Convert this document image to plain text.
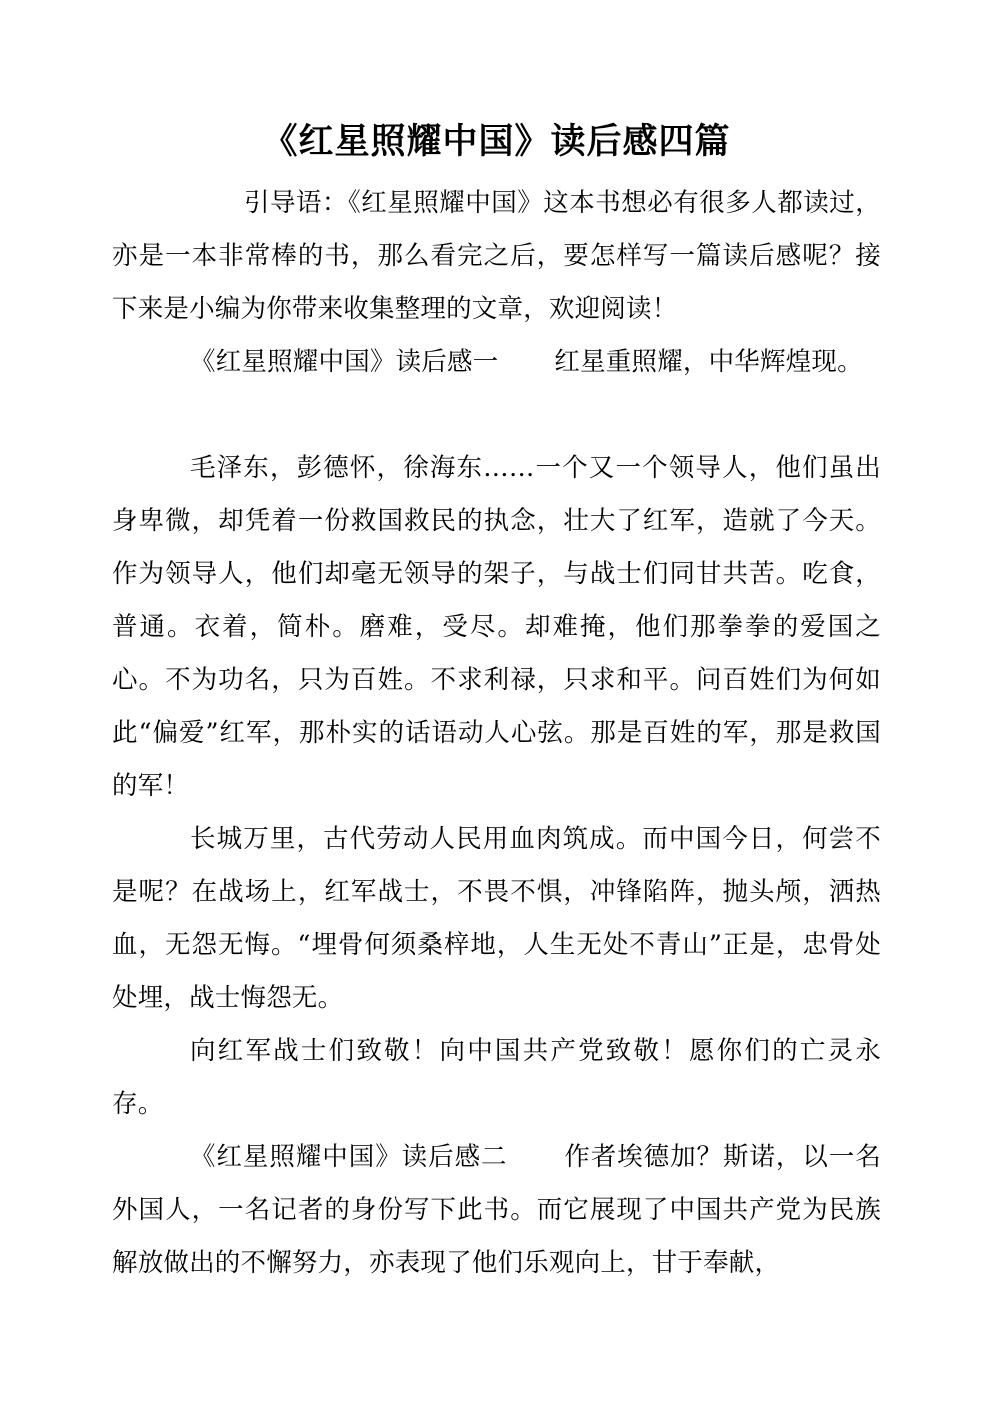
《红星照耀中国》读后感四篇

引导语：《红星照耀中国》这本书想必有很多人都读过，亦是一本非常棒的书，那么看完之后，要怎样写一篇读后感呢？接下来是小编为你带来收集整理的文章，欢迎阅读！

《红星照耀中国》读后感一 红星重照耀，中华辉煌现。

毛泽东，彭德怀，徐海东……一个又一个领导人，他们虽出身卑微，却凭着一份救国救民的执念，壮大了红军，造就了今天。作为领导人，他们却毫无领导的架子，与战士们同甘共苦。吃食，普通。衣着，简朴。磨难，受尽。却难掩，他们那拳拳的爱国之心。不为功名，只为百姓。不求利禄，只求和平。问百姓们为何如此“偏爱”红军，那朴实的话语动人心弦。那是百姓的军，那是救国的军！

长城万里，古代劳动人民用血肉筑成。而中国今日，何尝不是呢？在战场上，红军战士，不畏不惧，冲锋陷阵，抛头颅，洒热血，无怨无悔。“埋骨何须桑梓地，人生无处不青山”正是，忠骨处处埋，战士悔怨无。

向红军战士们致敬！向中国共产党致敬！愿你们的亡灵永存。

《红星照耀中国》读后感二 作者埃德加？斯诺，以一名外国人，一名记者的身份写下此书。而它展现了中国共产党为民族解放做出的不懈努力，亦表现了他们乐观向上，甘于奉献，
